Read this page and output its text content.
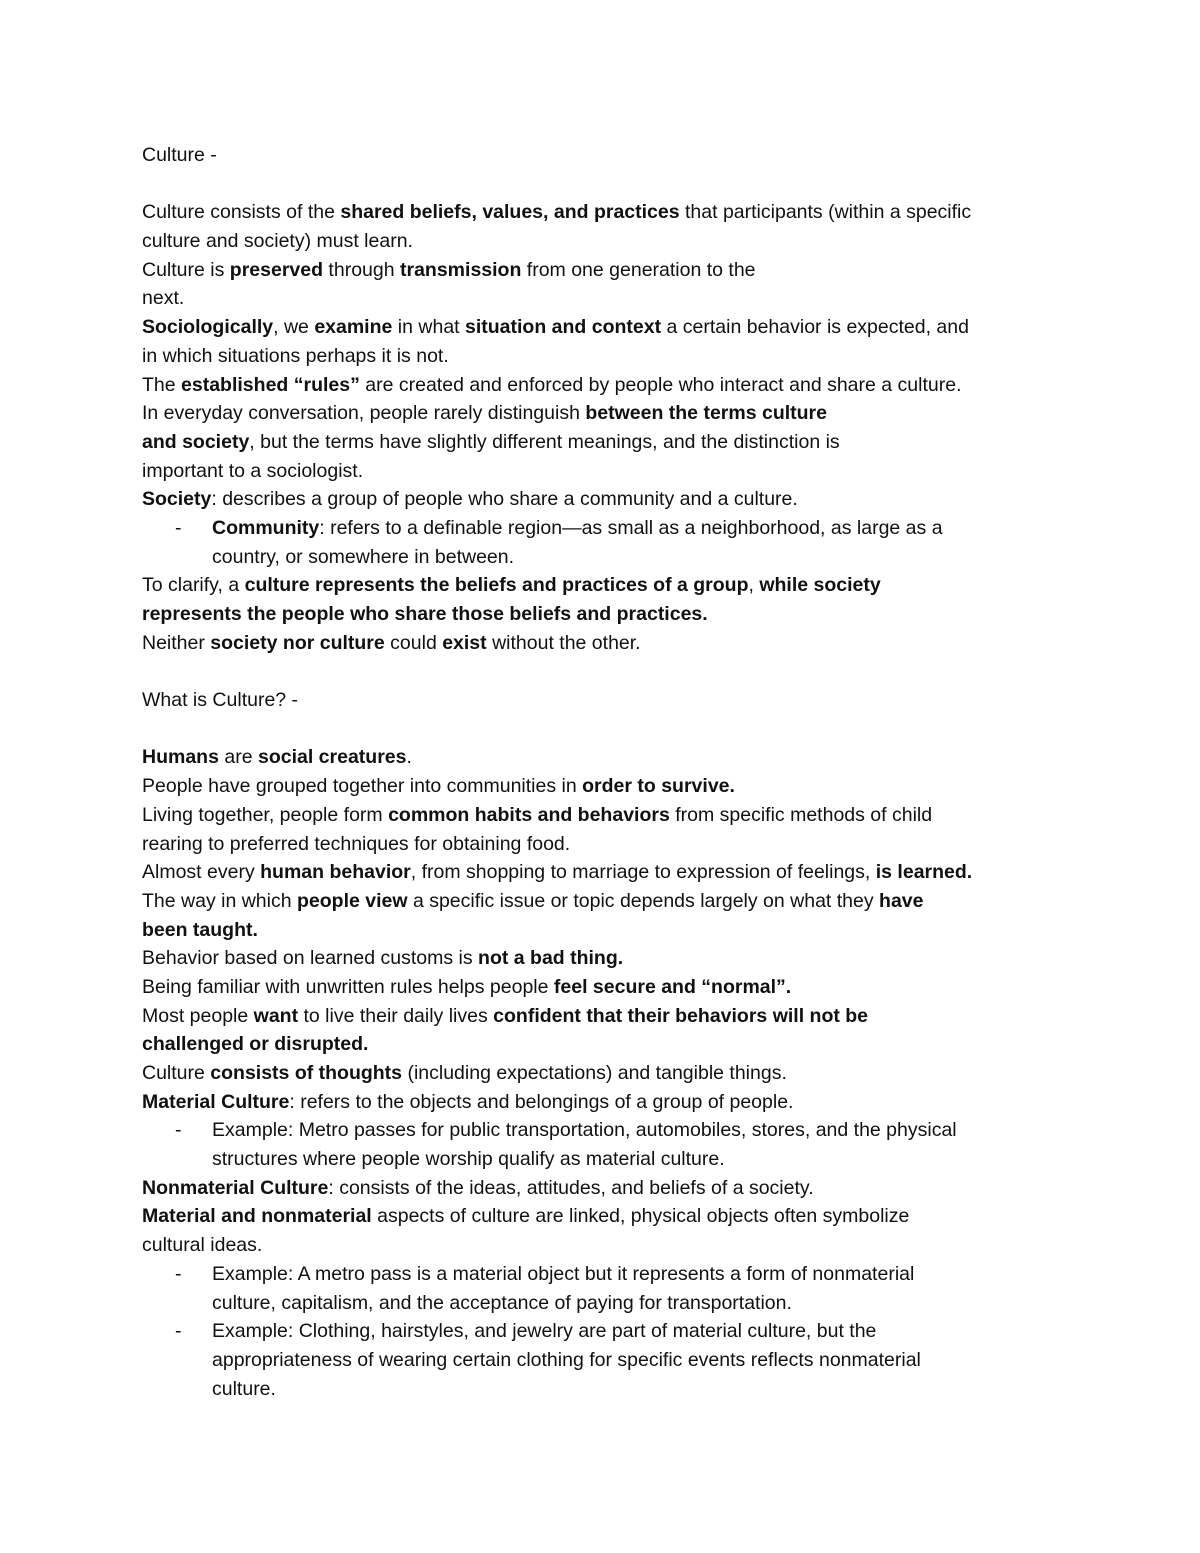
Culture -
Culture consists of the shared beliefs, values, and practices that participants (within a specific
culture and society) must learn.
Culture is preserved through transmission from one generation to the
next.
Sociologically, we examine in what situation and context a certain behavior is expected, and
in which situations perhaps it is not.
The established “rules” are created and enforced by people who interact and share a culture.
In everyday conversation, people rarely distinguish between the terms culture
and society, but the terms have slightly different meanings, and the distinction is
important to a sociologist.
Society: describes a group of people who share a community and a culture.
- Community: refers to a definable region—as small as a neighborhood, as large as a
country, or somewhere in between.
To clarify, a culture represents the beliefs and practices of a group, while society
represents the people who share those beliefs and practices.
Neither society nor culture could exist without the other.
What is Culture? -
Humans are social creatures.
People have grouped together into communities in order to survive.
Living together, people form common habits and behaviors from specific methods of child
rearing to preferred techniques for obtaining food.
Almost every human behavior, from shopping to marriage to expression of feelings, is learned.
The way in which people view a specific issue or topic depends largely on what they have
been taught.
Behavior based on learned customs is not a bad thing.
Being familiar with unwritten rules helps people feel secure and “normal”.
Most people want to live their daily lives confident that their behaviors will not be
challenged or disrupted.
Culture consists of thoughts (including expectations) and tangible things.
Material Culture: refers to the objects and belongings of a group of people.
- Example: Metro passes for public transportation, automobiles, stores, and the physical
structures where people worship qualify as material culture.
Nonmaterial Culture: consists of the ideas, attitudes, and beliefs of a society.
Material and nonmaterial aspects of culture are linked, physical objects often symbolize
cultural ideas.
- Example: A metro pass is a material object but it represents a form of nonmaterial
culture, capitalism, and the acceptance of paying for transportation.
- Example: Clothing, hairstyles, and jewelry are part of material culture, but the
appropriateness of wearing certain clothing for specific events reflects nonmaterial
culture.
